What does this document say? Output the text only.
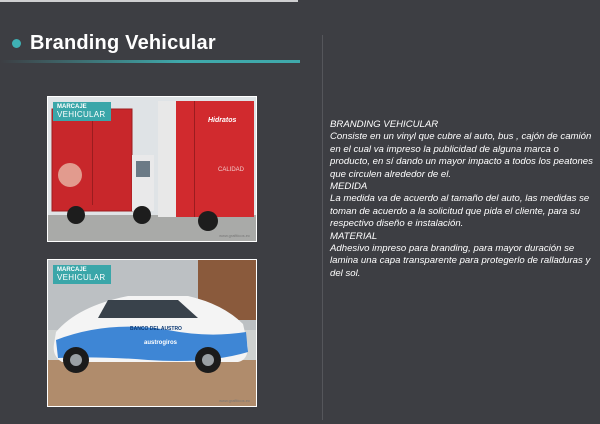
Branding Vehicular
MARCAJE
VEHICULAR
Hidratos
CALIDAD
www.grafiticos.ec
MARCAJE
VEHICULAR
BANCO DEL AUSTRO
austrogiros
www.grafiticos.ec

BRANDING VEHICULAR

Consiste en un vinyl que cubre al auto, bus , cajón de camión en el cual va impreso la publicidad de alguna marca o producto, en sí dando un mayor impacto a todos los peatones que circulen alrededor de el.

MEDIDA

La medida va de acuerdo al tamaño del auto, las medidas se toman de acuerdo a la solicitud que pida el cliente, para su respectivo diseño e instalación.

MATERIAL

Adhesivo impreso para branding, para mayor duración se lamina una capa transparente para protegerlo de ralladuras y del sol.
